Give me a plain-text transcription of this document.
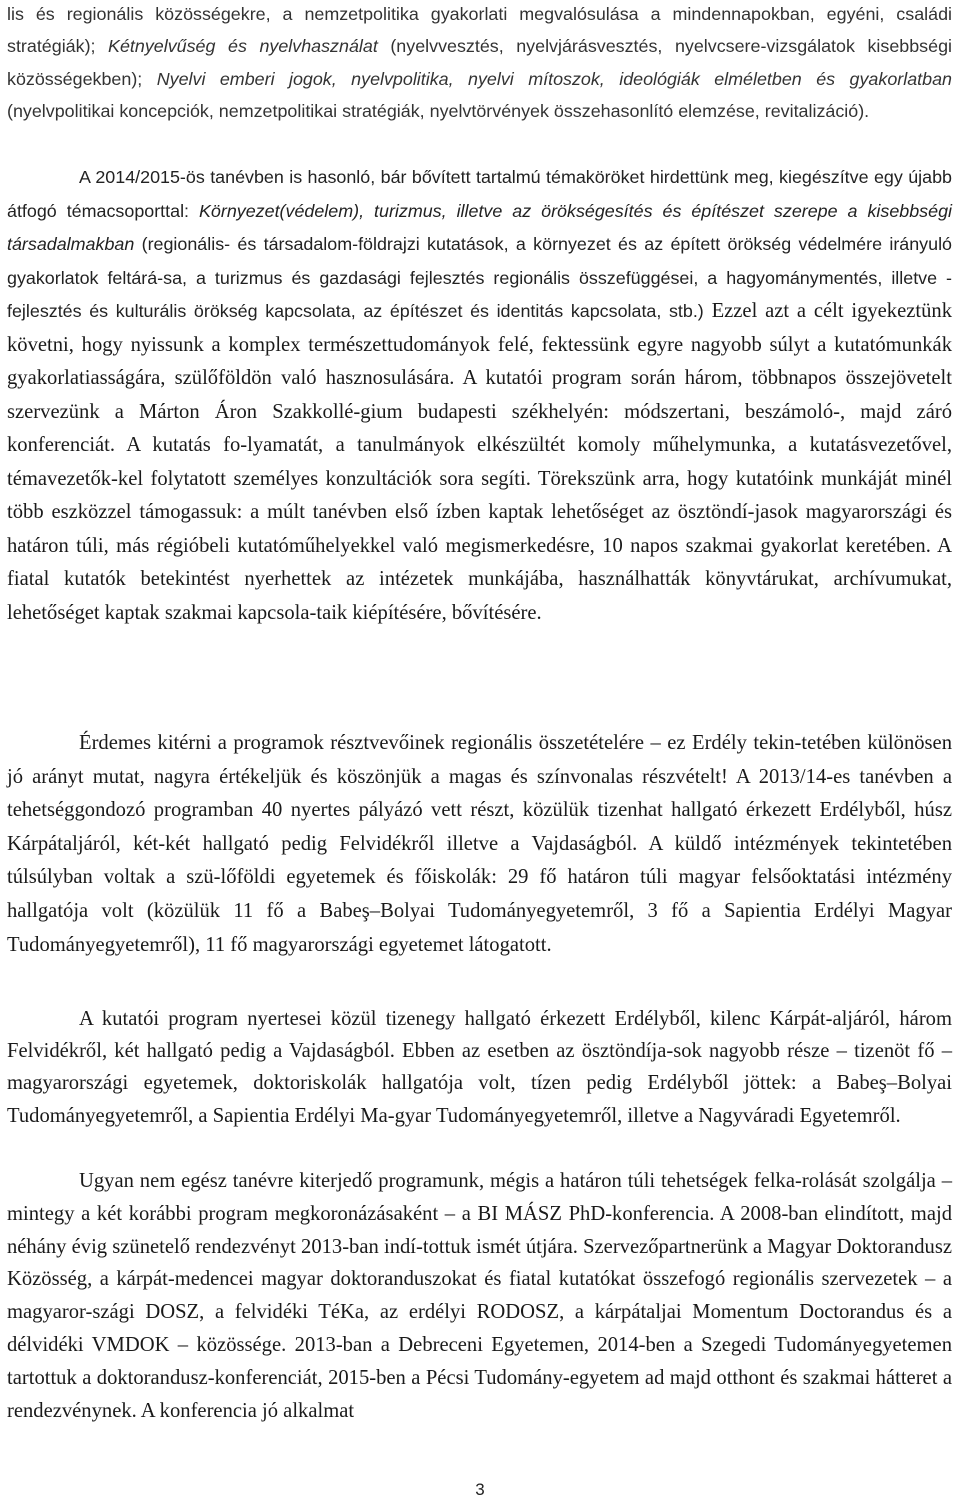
lis és regionális közösségekre, a nemzetpolitika gyakorlati megvalósulása a mindennapokban, egyéni, családi stratégiák); Kétnyelvűség és nyelvhasználat (nyelvvesztés, nyelvjárásvesztés, nyelvcsere-vizsgálatok kisebbségi közösségekben); Nyelvi emberi jogok, nyelvpolitika, nyelvi mítoszok, ideológiák elméletben és gyakorlatban (nyelvpolitikai koncepciók, nemzetpolitikai stratégiák, nyelvtörvények összehasonlító elemzése, revitalizáció).

A 2014/2015-ös tanévben is hasonló, bár bővített tartalmú témaköröket hirdettünk meg, kiegészítve egy újabb átfogó témacsoporttal: Környezet(védelem), turizmus, illetve az örökségesítés és építészet szerepe a kisebbségi társadalmakban (regionális- és társadalom-földrajzi kutatások, a környezet és az épített örökség védelmére irányuló gyakorlatok feltárá-sa, a turizmus és gazdasági fejlesztés regionális összefüggései, a hagyománymentés, illetve - fejlesztés és kulturális örökség kapcsolata, az építészet és identitás kapcsolata, stb.) Ezzel azt a célt igyekeztünk követni, hogy nyissunk a komplex természettudományok felé, fektessünk egyre nagyobb súlyt a kutatómunkák gyakorlatiasságára, szülőföldön való hasznosulására. A kutatói program során három, többnapos összejövetelt szervezünk a Márton Áron Szakkollé-gium budapesti székhelyén: módszertani, beszámoló-, majd záró konferenciát. A kutatás fo-lyamatát, a tanulmányok elkészültét komoly műhelymunka, a kutatásvezetővel, témavezetők-kel folytatott személyes konzultációk sora segíti. Törekszünk arra, hogy kutatóink munkáját minél több eszközzel támogassuk: a múlt tanévben első ízben kaptak lehetőséget az ösztöndí-jasok magyarországi és határon túli, más régióbeli kutatóműhelyekkel való megismerkedésre, 10 napos szakmai gyakorlat keretében. A fiatal kutatók betekintést nyerhettek az intézetek munkájába, használhatták könyvtárukat, archívumukat, lehetőséget kaptak szakmai kapcsola-taik kiépítésére, bővítésére.

Érdemes kitérni a programok résztvevőinek regionális összetételére – ez Erdély tekin-tetében különösen jó arányt mutat, nagyra értékeljük és köszönjük a magas és színvonalas részvételt! A 2013/14-es tanévben a tehetséggondozó programban 40 nyertes pályázó vett részt, közülük tizenhat hallgató érkezett Erdélyből, húsz Kárpátaljáról, két-két hallgató pedig Felvidékről illetve a Vajdaságból. A küldő intézmények tekintetében túlsúlyban voltak a szü-lőföldi egyetemek és főiskolák: 29 fő határon túli magyar felsőoktatási intézmény hallgatója volt (közülük 11 fő a Babeş–Bolyai Tudományegyetemről, 3 fő a Sapientia Erdélyi Magyar Tudományegyetemről), 11 fő magyarországi egyetemet látogatott.

A kutatói program nyertesei közül tizenegy hallgató érkezett Erdélyből, kilenc Kárpát-aljáról, három Felvidékről, két hallgató pedig a Vajdaságból. Ebben az esetben az ösztöndíja-sok nagyobb része – tizenöt fő – magyarországi egyetemek, doktoriskolák hallgatója volt, tízen pedig Erdélyből jöttek: a Babeş–Bolyai Tudományegyetemről, a Sapientia Erdélyi Ma-gyar Tudományegyetemről, illetve a Nagyváradi Egyetemről.

Ugyan nem egész tanévre kiterjedő programunk, mégis a határon túli tehetségek felka-rolását szolgálja – mintegy a két korábbi program megkoronázásaként – a BI MÁSZ PhD-konferencia. A 2008-ban elindított, majd néhány évig szünetelő rendezvényt 2013-ban indí-tottuk ismét útjára. Szervezőpartnerünk a Magyar Doktorandusz Közösség, a kárpát-medencei magyar doktoranduszokat és fiatal kutatókat összefogó regionális szervezetek – a magyaror-szági DOSZ, a felvidéki TéKa, az erdélyi RODOSZ, a kárpátaljai Momentum Doctorandus és a délvidéki VMDOK – közössége. 2013-ban a Debreceni Egyetemen, 2014-ben a Szegedi Tudományegyetemen tartottuk a doktorandusz-konferenciát, 2015-ben a Pécsi Tudomány-egyetem ad majd otthont és szakmai hátteret a rendezvénynek. A konferencia jó alkalmat

3
